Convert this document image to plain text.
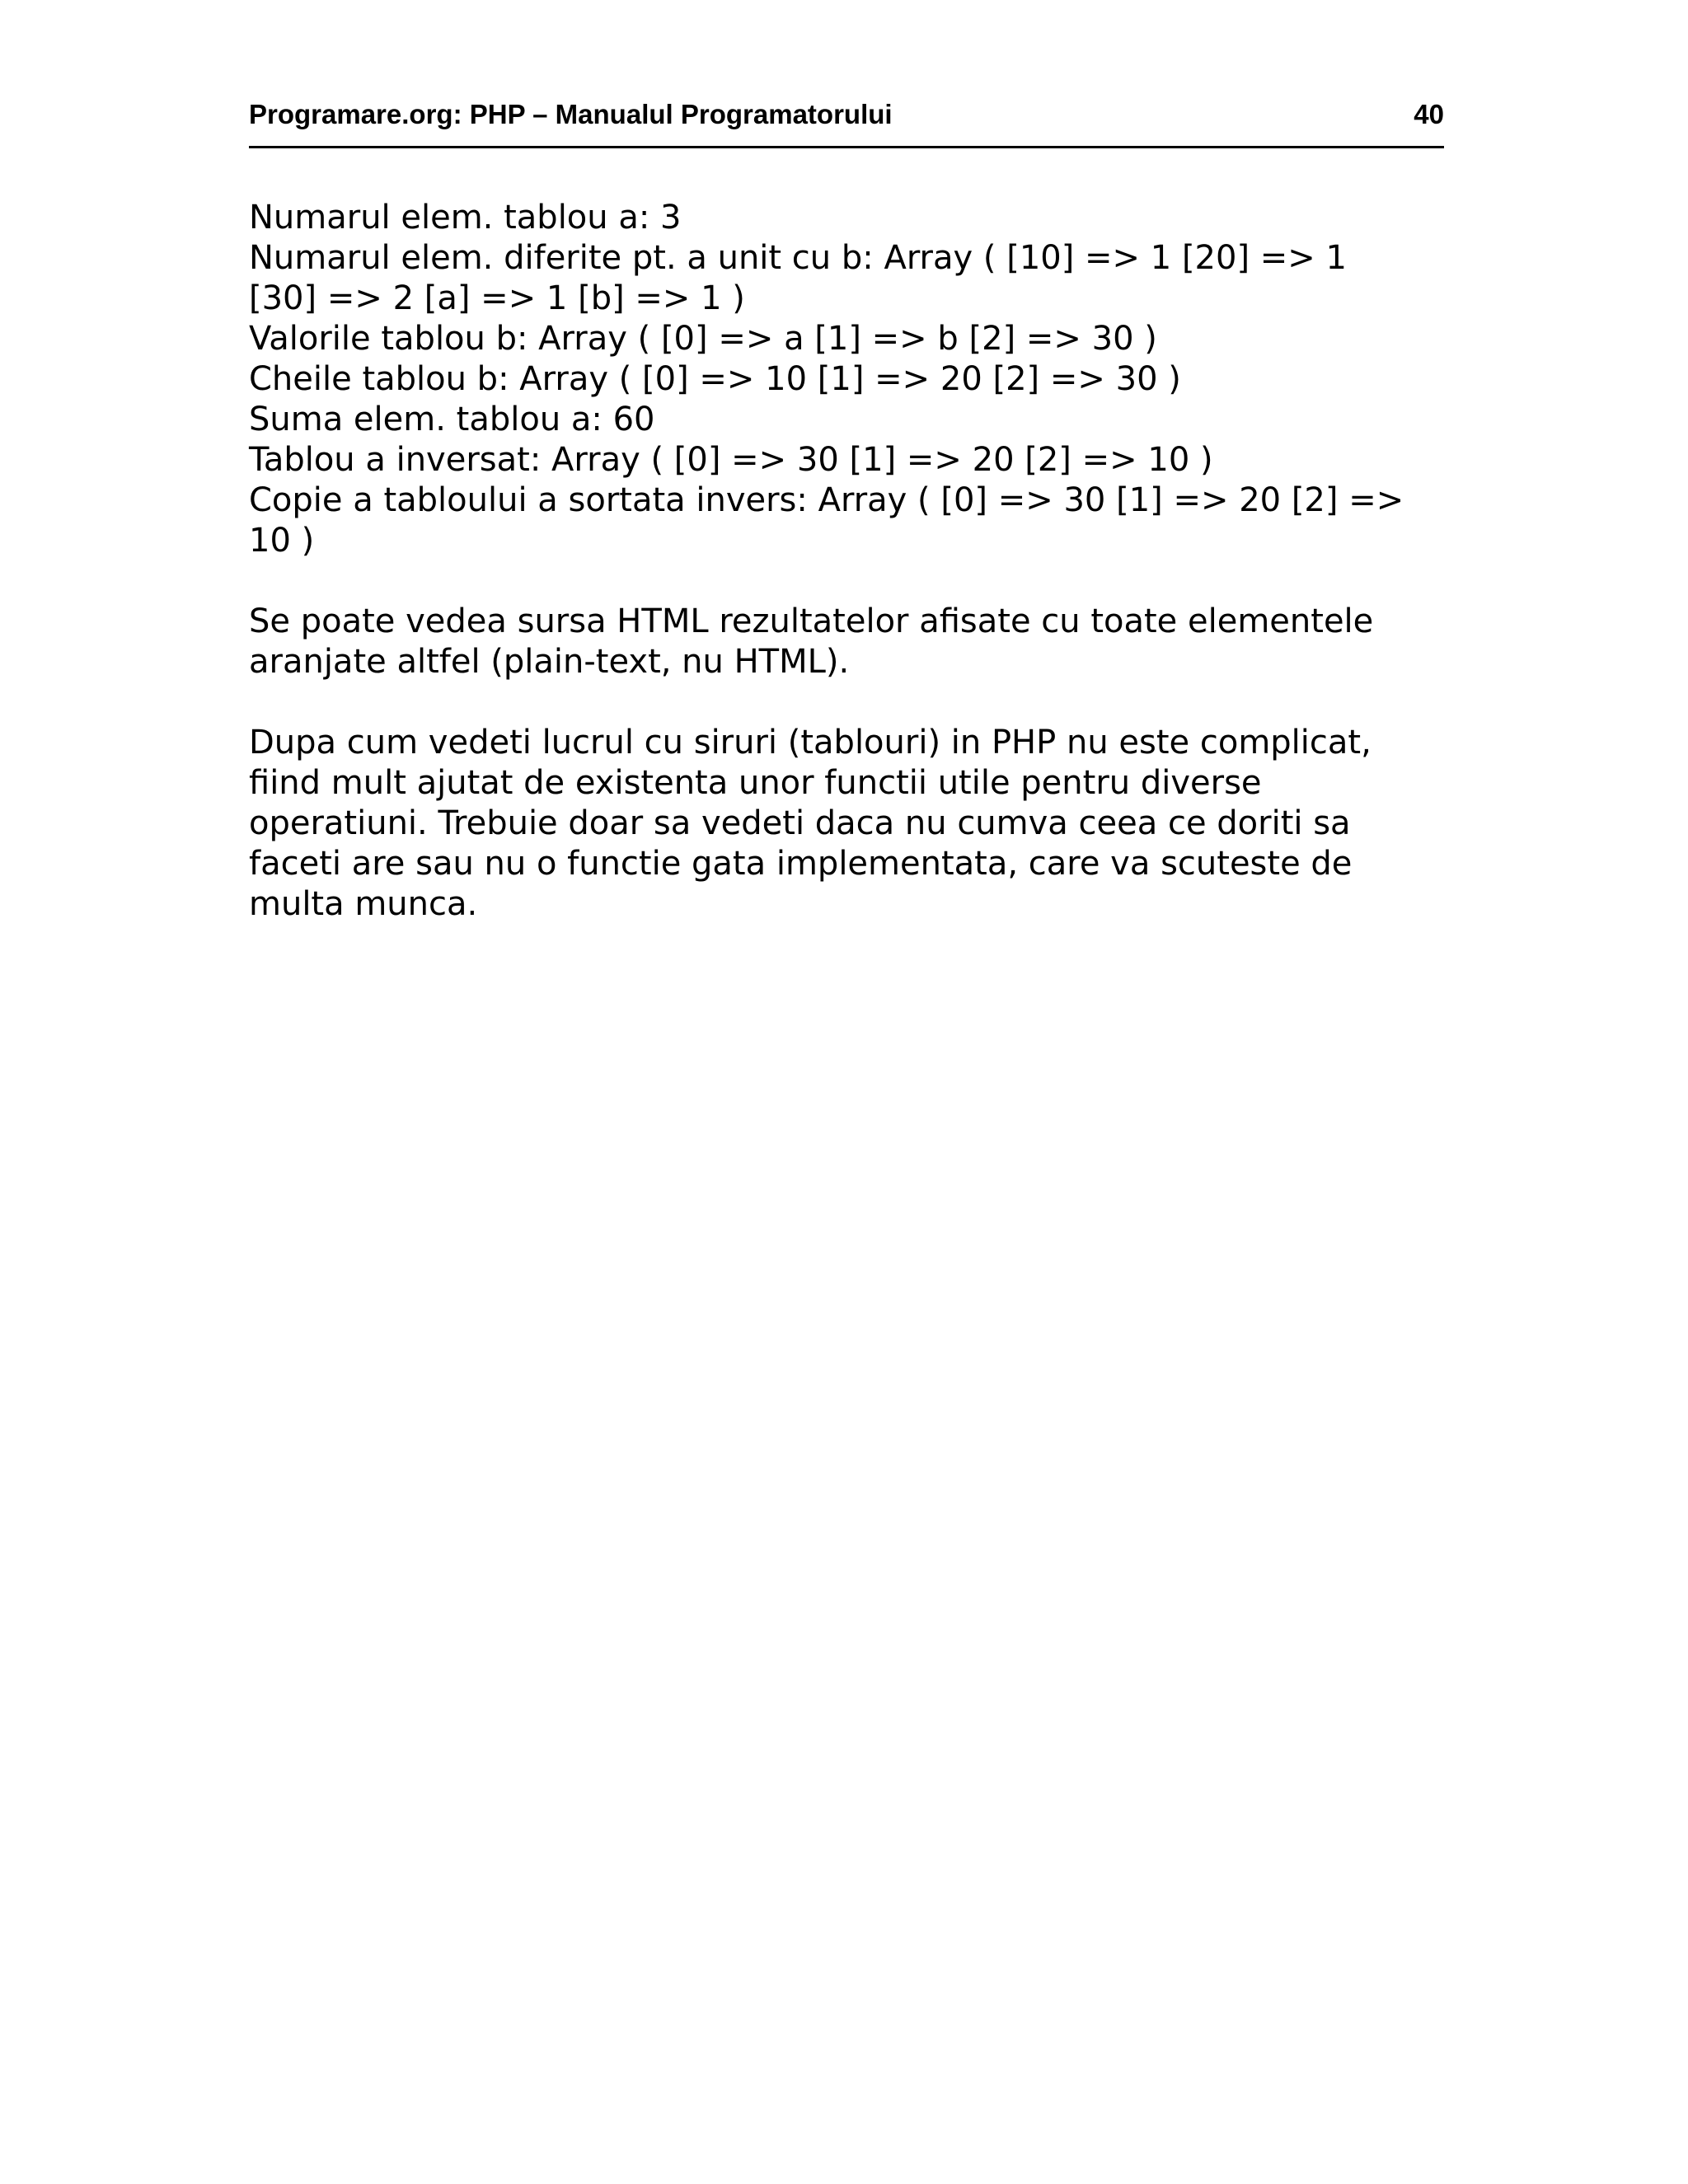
Programare.org: PHP – Manualul Programatorului	40
Numarul elem. tablou a: 3
Numarul elem. diferite pt. a unit cu b: Array ( [10] => 1 [20] => 1
[30] => 2 [a] => 1 [b] => 1 )
Valorile tablou b: Array ( [0] => a [1] => b [2] => 30 )
Cheile tablou b: Array ( [0] => 10 [1] => 20 [2] => 30 )
Suma elem. tablou a: 60
Tablou a inversat: Array ( [0] => 30 [1] => 20 [2] => 10 )
Copie a tabloului a sortata invers: Array ( [0] => 30 [1] => 20 [2] =>
10 )
Se poate vedea sursa HTML rezultatelor afisate cu toate elementele
aranjate altfel (plain-text, nu HTML).
Dupa cum vedeti lucrul cu siruri (tablouri) in PHP nu este complicat,
fiind mult ajutat de existenta unor functii utile pentru diverse
operatiuni. Trebuie doar sa vedeti daca nu cumva ceea ce doriti sa
faceti are sau nu o functie gata implementata, care va scuteste de
multa munca.
